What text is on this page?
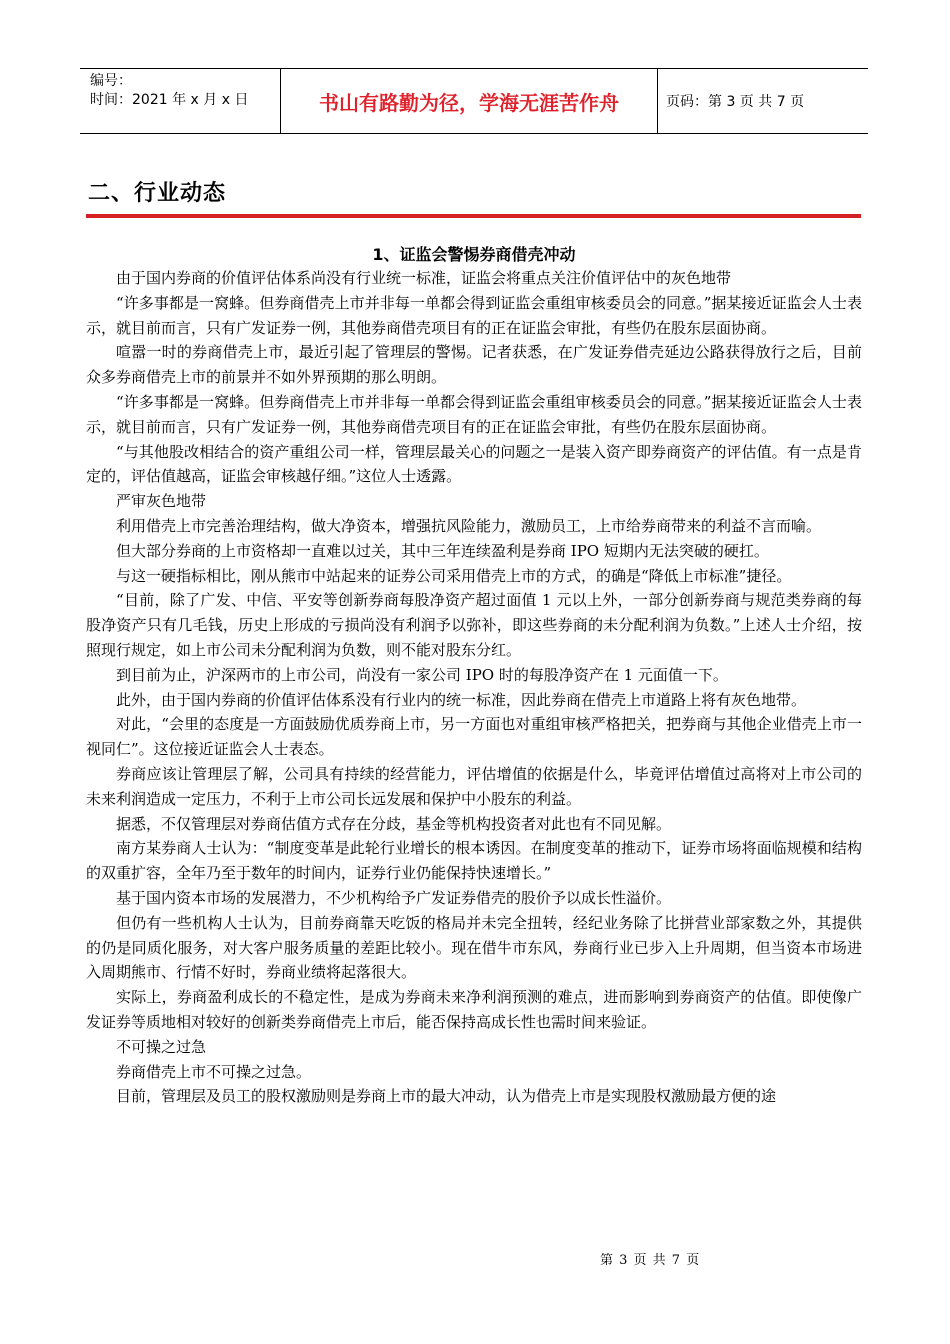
编号：
时间：2021 年 x 月 x 日	书山有路勤为径，学海无涯苦作舟	页码：第 3 页 共 7 页
二、行业动态
1、证监会警惕券商借壳冲动

由于国内券商的价值评估体系尚没有行业统一标准，证监会将重点关注价值评估中的灰色地带

“许多事都是一窝蜂。但券商借壳上市并非每一单都会得到证监会重组审核委员会的同意。”据某接近证监会人士表示，就目前而言，只有广发证券一例，其他券商借壳项目有的正在证监会审批，有些仍在股东层面协商。

喧嚣一时的券商借壳上市，最近引起了管理层的警惕。记者获悉，在广发证券借壳延边公路获得放行之后，目前众多券商借壳上市的前景并不如外界预期的那么明朗。

“许多事都是一窝蜂。但券商借壳上市并非每一单都会得到证监会重组审核委员会的同意。”据某接近证监会人士表示，就目前而言，只有广发证券一例，其他券商借壳项目有的正在证监会审批，有些仍在股东层面协商。

“与其他股改相结合的资产重组公司一样，管理层最关心的问题之一是装入资产即券商资产的评估值。有一点是肯定的，评估值越高，证监会审核越仔细。”这位人士透露。

严审灰色地带

利用借壳上市完善治理结构，做大净资本，增强抗风险能力，激励员工，上市给券商带来的利益不言而喻。

但大部分券商的上市资格却一直难以过关，其中三年连续盈利是券商 IPO 短期内无法突破的硬扛。

与这一硬指标相比，刚从熊市中站起来的证券公司采用借壳上市的方式，的确是“降低上市标准”捷径。

“目前，除了广发、中信、平安等创新券商每股净资产超过面值 1 元以上外，一部分创新券商与规范类券商的每股净资产只有几毛钱，历史上形成的亏损尚没有利润予以弥补，即这些券商的未分配利润为负数。”上述人士介绍，按照现行规定，如上市公司未分配利润为负数，则不能对股东分红。

到目前为止，沪深两市的上市公司，尚没有一家公司 IPO 时的每股净资产在 1 元面值一下。

此外，由于国内券商的价值评估体系没有行业内的统一标准，因此券商在借壳上市道路上将有灰色地带。

对此，“会里的态度是一方面鼓励优质券商上市，另一方面也对重组审核严格把关，把券商与其他企业借壳上市一视同仁”。这位接近证监会人士表态。

券商应该让管理层了解，公司具有持续的经营能力，评估增值的依据是什么，毕竟评估增值过高将对上市公司的未来利润造成一定压力，不利于上市公司长远发展和保护中小股东的利益。

据悉，不仅管理层对券商估值方式存在分歧，基金等机构投资者对此也有不同见解。

南方某券商人士认为：“制度变革是此轮行业增长的根本诱因。在制度变革的推动下，证券市场将面临规模和结构的双重扩容，全年乃至于数年的时间内，证券行业仍能保持快速增长。”

基于国内资本市场的发展潜力，不少机构给予广发证券借壳的股价予以成长性溢价。

但仍有一些机构人士认为，目前券商靠天吃饭的格局并未完全扭转，经纪业务除了比拼营业部家数之外，其提供的仍是同质化服务，对大客户服务质量的差距比较小。现在借牛市东风，券商行业已步入上升周期，但当资本市场进入周期熊市、行情不好时，券商业绩将起落很大。

实际上，券商盈利成长的不稳定性，是成为券商未来净利润预测的难点，进而影响到券商资产的估值。即使像广发证券等质地相对较好的创新类券商借壳上市后，能否保持高成长性也需时间来验证。

不可操之过急

券商借壳上市不可操之过急。

目前，管理层及员工的股权激励则是券商上市的最大冲动，认为借壳上市是实现股权激励最方便的途

第 3 页 共 7 页
